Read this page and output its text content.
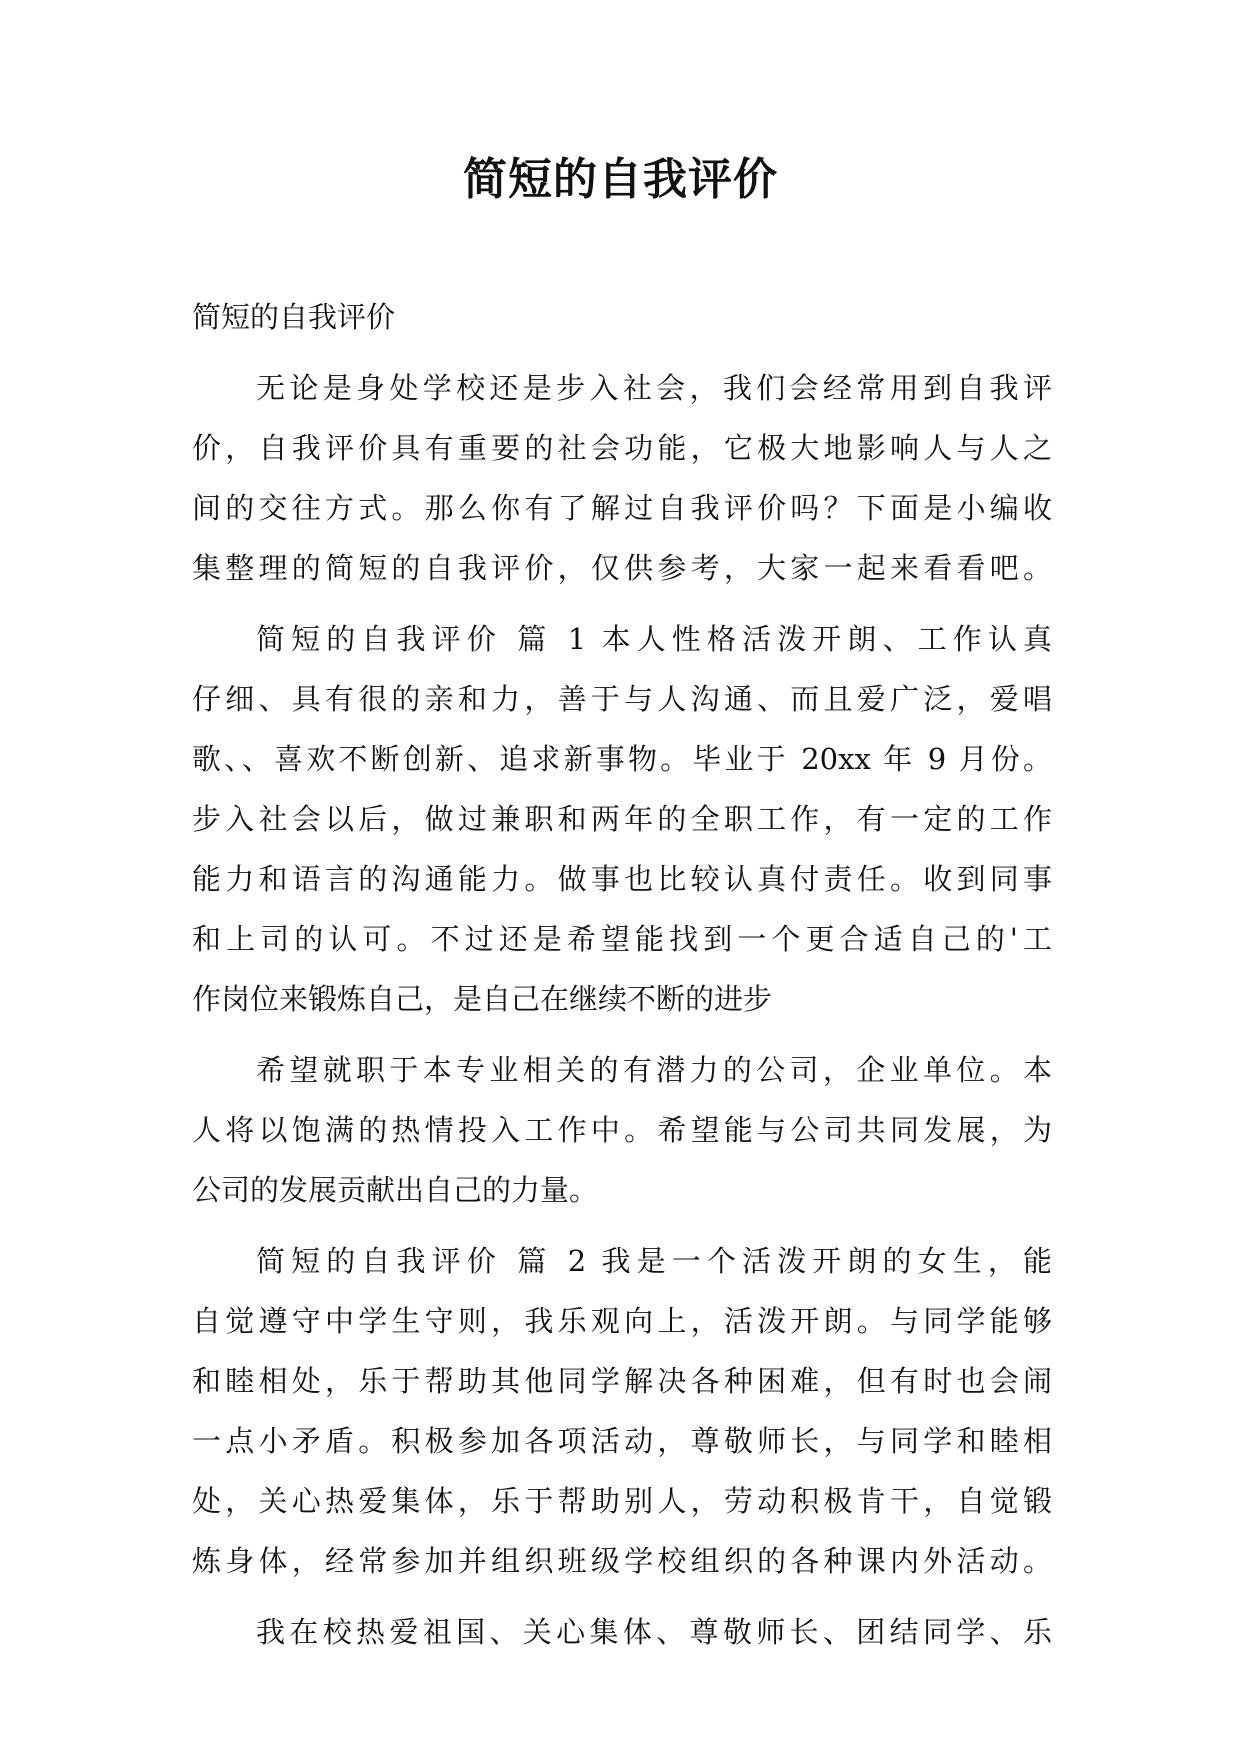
简短的自我评价
简短的自我评价
无论是身处学校还是步入社会，我们会经常用到自我评
价，自我评价具有重要的社会功能，它极大地影响人与人之
间的交往方式。那么你有了解过自我评价吗？下面是小编收
集整理的简短的自我评价，仅供参考，大家一起来看看吧。
简短的自我评价 篇 1 本人性格活泼开朗、工作认真
仔细、具有很的亲和力，善于与人沟通、而且爱广泛，爱唱
歌、、喜欢不断创新、追求新事物。毕业于 20xx 年 9 月份。
步入社会以后，做过兼职和两年的全职工作，有一定的工作
能力和语言的沟通能力。做事也比较认真付责任。收到同事
和上司的认可。不过还是希望能找到一个更合适自己的'工
作岗位来锻炼自己，是自己在继续不断的进步
希望就职于本专业相关的有潜力的公司，企业单位。本
人将以饱满的热情投入工作中。希望能与公司共同发展，为
公司的发展贡献出自己的力量。
简短的自我评价 篇 2 我是一个活泼开朗的女生，能
自觉遵守中学生守则，我乐观向上，活泼开朗。与同学能够
和睦相处，乐于帮助其他同学解决各种困难，但有时也会闹
一点小矛盾。积极参加各项活动，尊敬师长，与同学和睦相
处，关心热爱集体，乐于帮助别人，劳动积极肯干，自觉锻
炼身体，经常参加并组织班级学校组织的各种课内外活动。
我在校热爱祖国、关心集体、尊敬师长、团结同学、乐
